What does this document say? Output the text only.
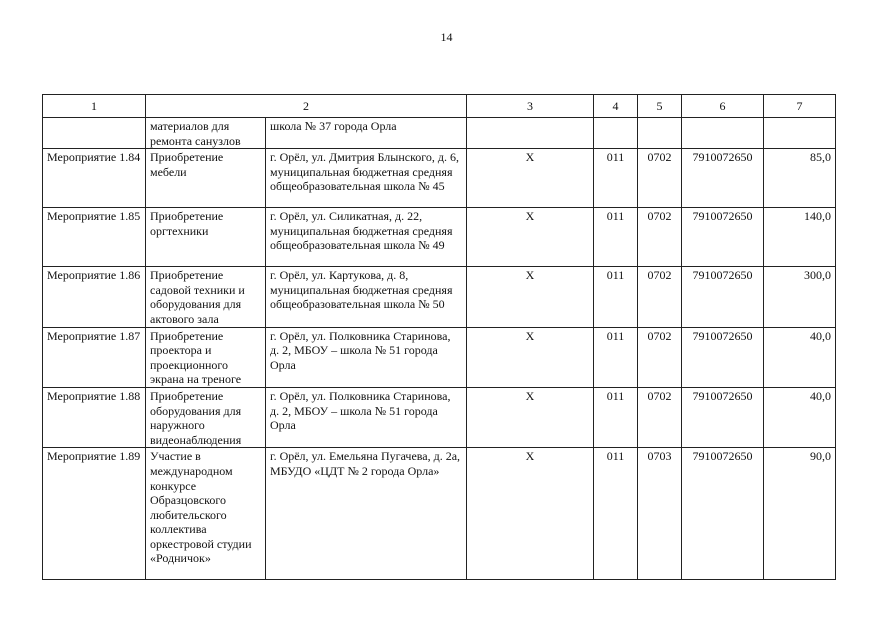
14
1	2		3	4	5	6	7
	материалов для ремонта санузлов	школа № 37 города Орла					
Мероприятие 1.84	Приобретение мебели	г. Орёл, ул. Дмитрия Блынского, д. 6, муниципальная бюджетная средняя общеобразовательная школа № 45	Х	011	0702	7910072650	85,0
Мероприятие 1.85	Приобретение оргтехники	г. Орёл, ул. Силикатная, д. 22, муниципальная бюджетная средняя общеобразовательная школа № 49	Х	011	0702	7910072650	140,0
Мероприятие 1.86	Приобретение садовой техники и оборудования для актового зала	г. Орёл, ул. Картукова, д. 8, муниципальная бюджетная средняя общеобразовательная школа № 50	Х	011	0702	7910072650	300,0
Мероприятие 1.87	Приобретение проектора и проекционного экрана на треноге	г. Орёл, ул. Полковника Старинова, д. 2, МБОУ – школа № 51 города Орла	Х	011	0702	7910072650	40,0
Мероприятие 1.88	Приобретение оборудования для наружного видеонаблюдения	г. Орёл, ул. Полковника Старинова, д. 2, МБОУ – школа № 51 города Орла	Х	011	0702	7910072650	40,0
Мероприятие 1.89	Участие в международном конкурсе Образцовского любительского коллектива оркестровой студии «Родничок»	г. Орёл, ул. Емельяна Пугачева, д. 2а, МБУДО «ЦДТ № 2 города Орла»	Х	011	0703	7910072650	90,0
